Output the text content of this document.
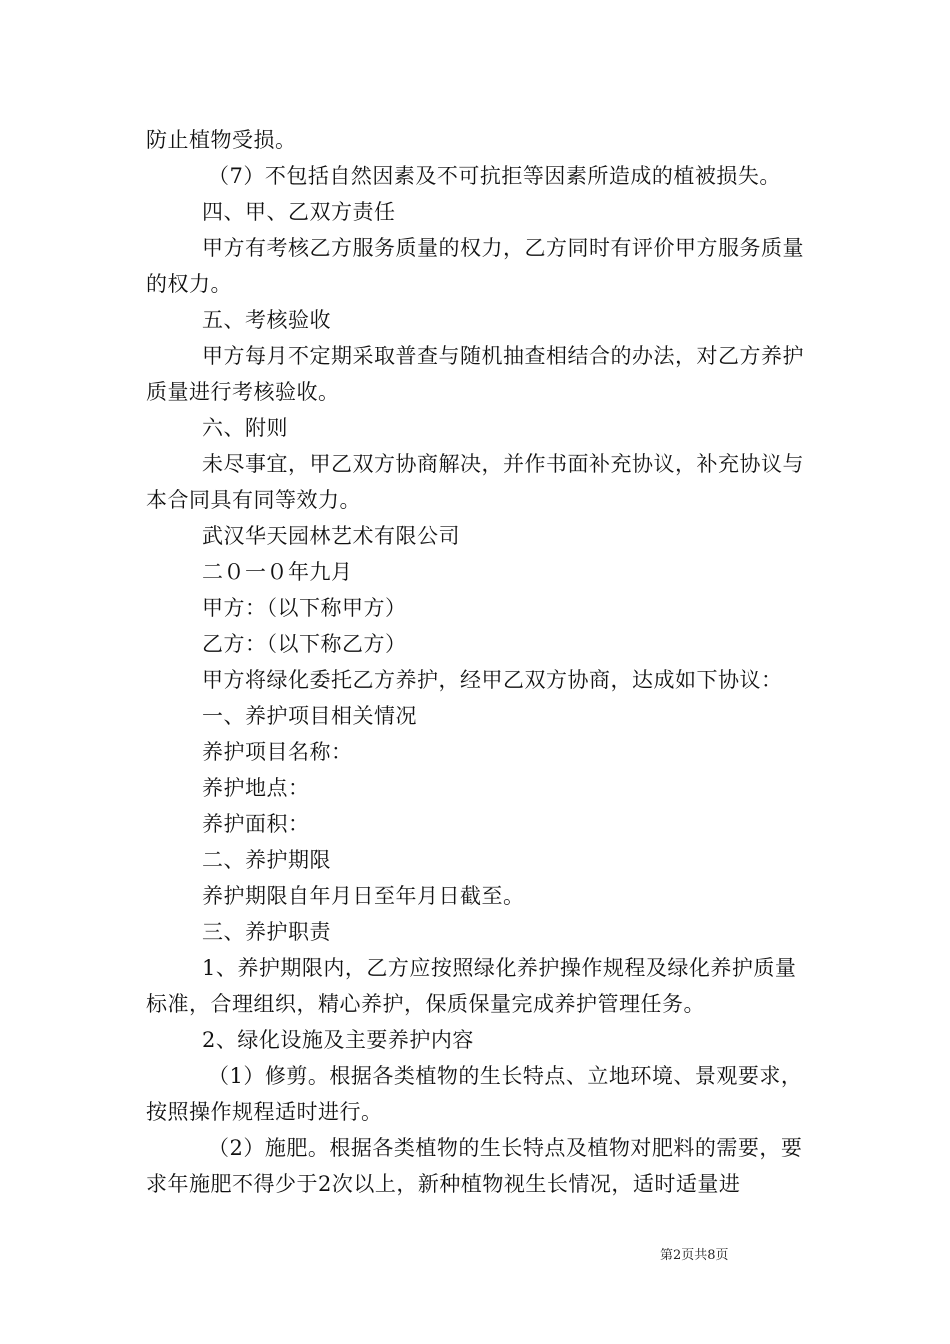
防止植物受损。

（7）不包括自然因素及不可抗拒等因素所造成的植被损失。

四、甲、乙双方责任

甲方有考核乙方服务质量的权力，乙方同时有评价甲方服务质量的权力。

五、考核验收

甲方每月不定期采取普查与随机抽查相结合的办法，对乙方养护质量进行考核验收。

六、附则

未尽事宜，甲乙双方协商解决，并作书面补充协议，补充协议与本合同具有同等效力。

武汉华天园林艺术有限公司

二０一０年九月

甲方：（以下称甲方）

乙方：（以下称乙方）

甲方将绿化委托乙方养护，经甲乙双方协商，达成如下协议：

一、养护项目相关情况

养护项目名称：

养护地点：

养护面积：

二、养护期限

养护期限自年月日至年月日截至。

三、养护职责

1、养护期限内，乙方应按照绿化养护操作规程及绿化养护质量标准，合理组织，精心养护，保质保量完成养护管理任务。

2、绿化设施及主要养护内容

（1）修剪。根据各类植物的生长特点、立地环境、景观要求，按照操作规程适时进行。

（2）施肥。根据各类植物的生长特点及植物对肥料的需要，要求年施肥不得少于2次以上，新种植物视生长情况，适时适量进

第2页共8页
